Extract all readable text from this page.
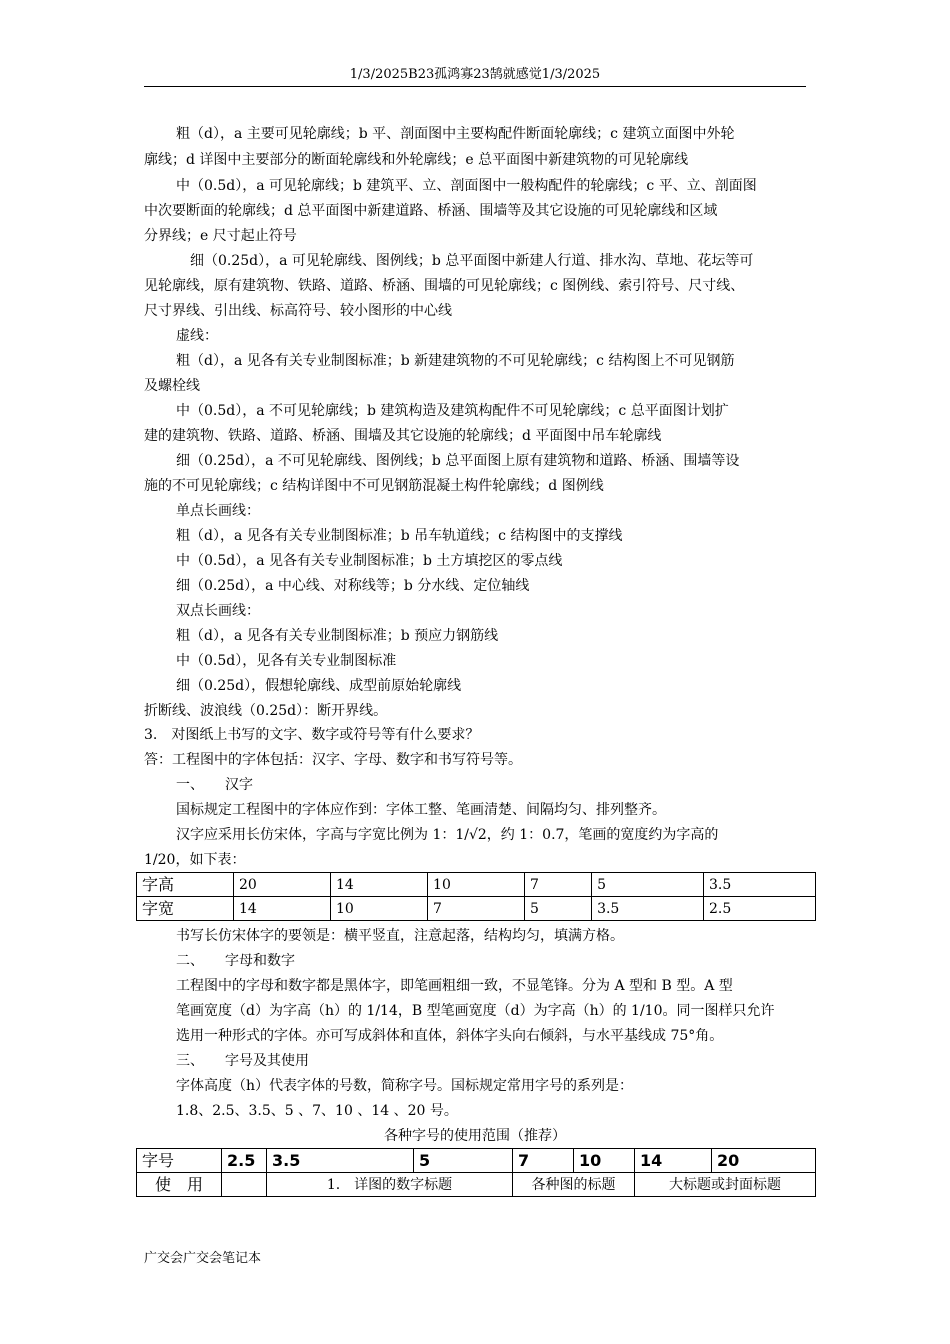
1/3/2025B23孤鸿寡23鹄就感觉1/3/2025
粗（d），a 主要可见轮廓线；b 平、剖面图中主要构配件断面轮廓线；c 建筑立面图中外轮
廓线；d 详图中主要部分的断面轮廓线和外轮廓线；e 总平面图中新建筑物的可见轮廓线
中（0.5d），a 可见轮廓线；b 建筑平、立、剖面图中一般构配件的轮廓线；c 平、立、剖面图
中次要断面的轮廓线；d 总平面图中新建道路、桥涵、围墙等及其它设施的可见轮廓线和区域
分界线；e 尺寸起止符号
细（0.25d），a 可见轮廓线、图例线；b 总平面图中新建人行道、排水沟、草地、花坛等可
见轮廓线，原有建筑物、铁路、道路、桥涵、围墙的可见轮廓线；c 图例线、索引符号、尺寸线、
尺寸界线、引出线、标高符号、较小图形的中心线
虚线：
粗（d），a 见各有关专业制图标准；b 新建建筑物的不可见轮廓线；c 结构图上不可见钢筋
及螺栓线
中（0.5d），a 不可见轮廓线；b 建筑构造及建筑构配件不可见轮廓线；c 总平面图计划扩
建的建筑物、铁路、道路、桥涵、围墙及其它设施的轮廓线；d 平面图中吊车轮廓线
细（0.25d），a 不可见轮廓线、图例线；b 总平面图上原有建筑物和道路、桥涵、围墙等设
施的不可见轮廓线；c 结构详图中不可见钢筋混凝土构件轮廓线；d 图例线
单点长画线：
粗（d），a 见各有关专业制图标准；b 吊车轨道线；c 结构图中的支撑线
中（0.5d），a 见各有关专业制图标准；b 土方填挖区的零点线
细（0.25d），a 中心线、对称线等；b 分水线、定位轴线
双点长画线：
粗（d），a 见各有关专业制图标准；b 预应力钢筋线
中（0.5d），见各有关专业制图标准
细（0.25d），假想轮廓线、成型前原始轮廓线
折断线、波浪线（0.25d）：断开界线。
3.　对图纸上书写的文字、数字或符号等有什么要求？
答：工程图中的字体包括：汉字、字母、数字和书写符号等。
一、　　汉字
国标规定工程图中的字体应作到：字体工整、笔画清楚、间隔均匀、排列整齐。
汉字应采用长仿宋体，字高与字宽比例为 1：1/√2，约 1：0.7，笔画的宽度约为字高的
1/20，如下表：
字高	20	14	10	7	5	3.5
字宽	14	10	7	5	3.5	2.5
书写长仿宋体字的要领是：横平竖直，注意起落，结构均匀，填满方格。
二、　　字母和数字
工程图中的字母和数字都是黑体字，即笔画粗细一致，不显笔锋。分为 A 型和 B 型。A 型
笔画宽度（d）为字高（h）的 1/14，B 型笔画宽度（d）为字高（h）的 1/10。同一图样只允许
选用一种形式的字体。亦可写成斜体和直体，斜体字头向右倾斜，与水平基线成 75°角。
三、　　字号及其使用
字体高度（h）代表字体的号数，简称字号。国标规定常用字号的系列是：
1.8、2.5、3.5、5 、7、10 、14 、20 号。
各种字号的使用范围（推荐）
字号	2.5	3.5	5	7	10	14	20
使　用		1.　详图的数字标题		各种图的标题		大标题或封面标题	
广交会广交会笔记本
